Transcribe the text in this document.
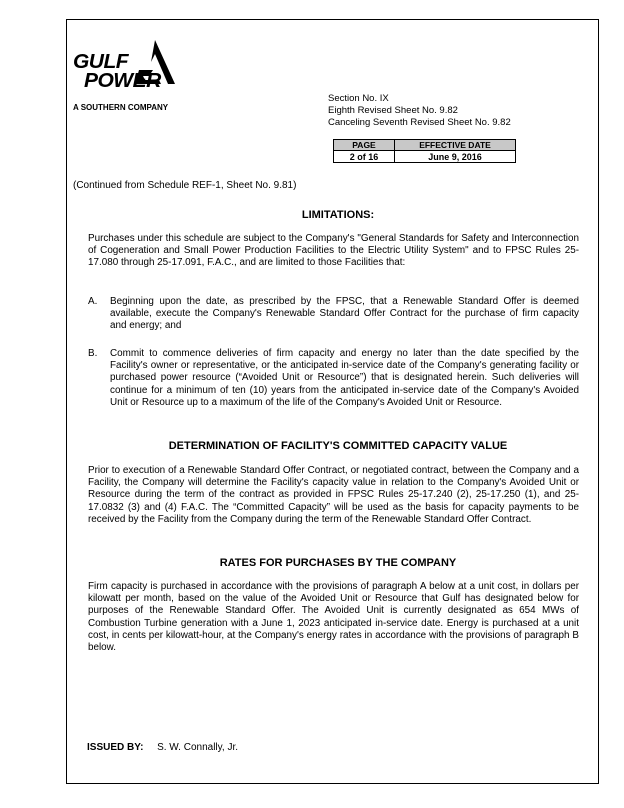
GULF
POWER
A SOUTHERN COMPANY
Section No. IX
Eighth Revised Sheet No. 9.82
Canceling Seventh Revised Sheet No. 9.82
PAGE	EFFECTIVE DATE
2 of 16	June 9, 2016
(Continued from Schedule REF-1, Sheet No. 9.81)
LIMITATIONS:

Purchases under this schedule are subject to the Company's "General Standards for Safety and Interconnection of Cogeneration and Small Power Production Facilities to the Electric Utility System" and to FPSC Rules 25-17.080 through 25-17.091, F.A.C., and are limited to those Facilities that:

A. Beginning upon the date, as prescribed by the FPSC, that a Renewable Standard Offer is deemed available, execute the Company's Renewable Standard Offer Contract for the purchase of firm capacity and energy; and
B. Commit to commence deliveries of firm capacity and energy no later than the date specified by the Facility's owner or representative, or the anticipated in-service date of the Company's generating facility or purchased power resource (“Avoided Unit or Resource”) that is designated herein. Such deliveries will continue for a minimum of ten (10) years from the anticipated in-service date of the Company's Avoided Unit or Resource up to a maximum of the life of the Company's Avoided Unit or Resource.
DETERMINATION OF FACILITY'S COMMITTED CAPACITY VALUE

Prior to execution of a Renewable Standard Offer Contract, or negotiated contract, between the Company and a Facility, the Company will determine the Facility's capacity value in relation to the Company's Avoided Unit or Resource during the term of the contract as provided in FPSC Rules 25-17.240 (2), 25-17.250 (1), and 25-17.0832 (3) and (4) F.A.C. The “Committed Capacity” will be used as the basis for capacity payments to be received by the Facility from the Company during the term of the Renewable Standard Offer Contract.

RATES FOR PURCHASES BY THE COMPANY

Firm capacity is purchased in accordance with the provisions of paragraph A below at a unit cost, in dollars per kilowatt per month, based on the value of the Avoided Unit or Resource that Gulf has designated below for purposes of the Renewable Standard Offer. The Avoided Unit is currently designated as 654 MWs of Combustion Turbine generation with a June 1, 2023 anticipated in-service date. Energy is purchased at a unit cost, in cents per kilowatt-hour, at the Company's energy rates in accordance with the provisions of paragraph B below.

ISSUED BY: S. W. Connally, Jr.
